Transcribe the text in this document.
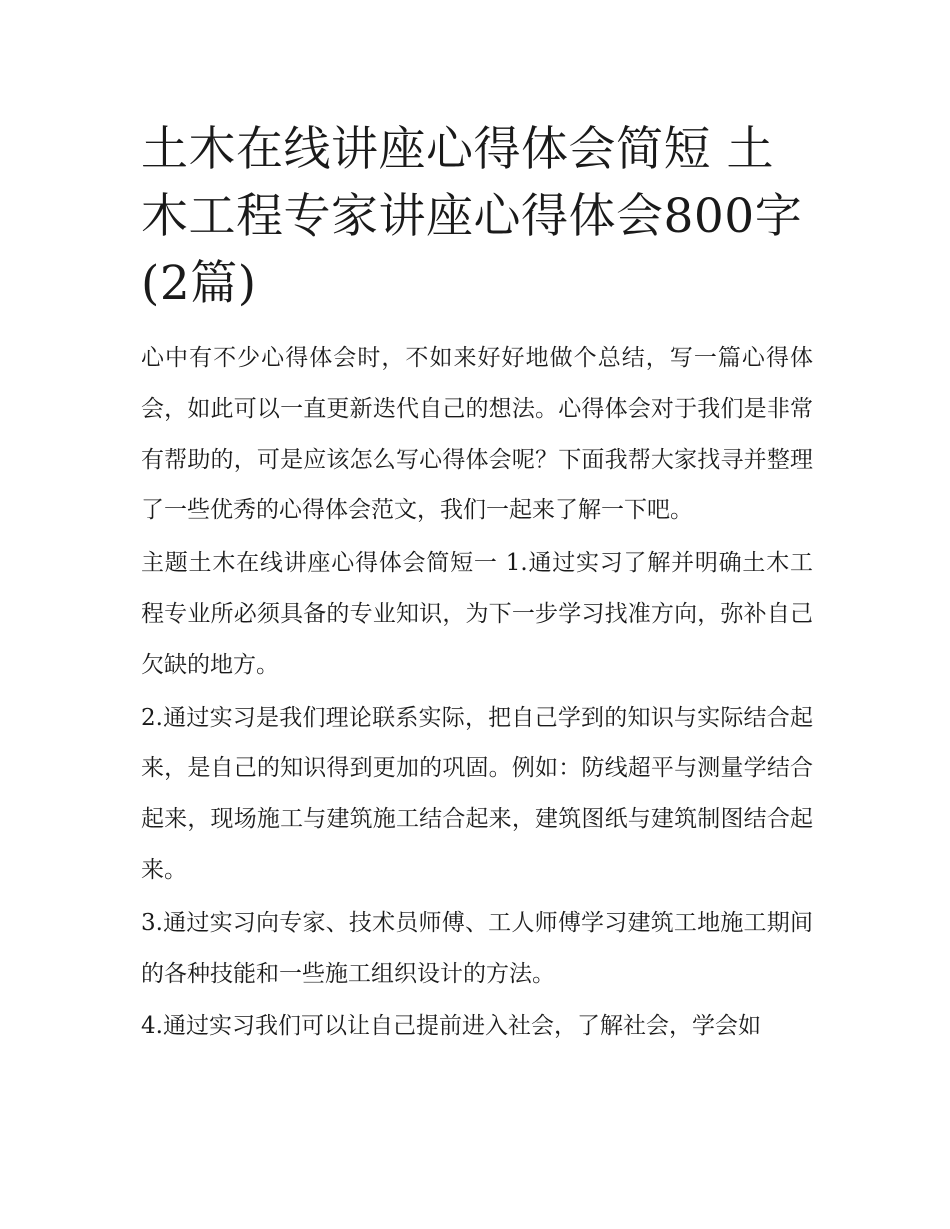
土木在线讲座心得体会简短 土木工程专家讲座心得体会800字(2篇)

心中有不少心得体会时，不如来好好地做个总结，写一篇心得体会，如此可以一直更新迭代自己的想法。心得体会对于我们是非常有帮助的，可是应该怎么写心得体会呢？下面我帮大家找寻并整理了一些优秀的心得体会范文，我们一起来了解一下吧。

主题土木在线讲座心得体会简短一 1.通过实习了解并明确土木工程专业所必须具备的专业知识，为下一步学习找准方向，弥补自己欠缺的地方。

2.通过实习是我们理论联系实际，把自己学到的知识与实际结合起来，是自己的知识得到更加的巩固。例如：防线超平与测量学结合起来，现场施工与建筑施工结合起来，建筑图纸与建筑制图结合起来。

3.通过实习向专家、技术员师傅、工人师傅学习建筑工地施工期间的各种技能和一些施工组织设计的方法。

4.通过实习我们可以让自己提前进入社会，了解社会，学会如
